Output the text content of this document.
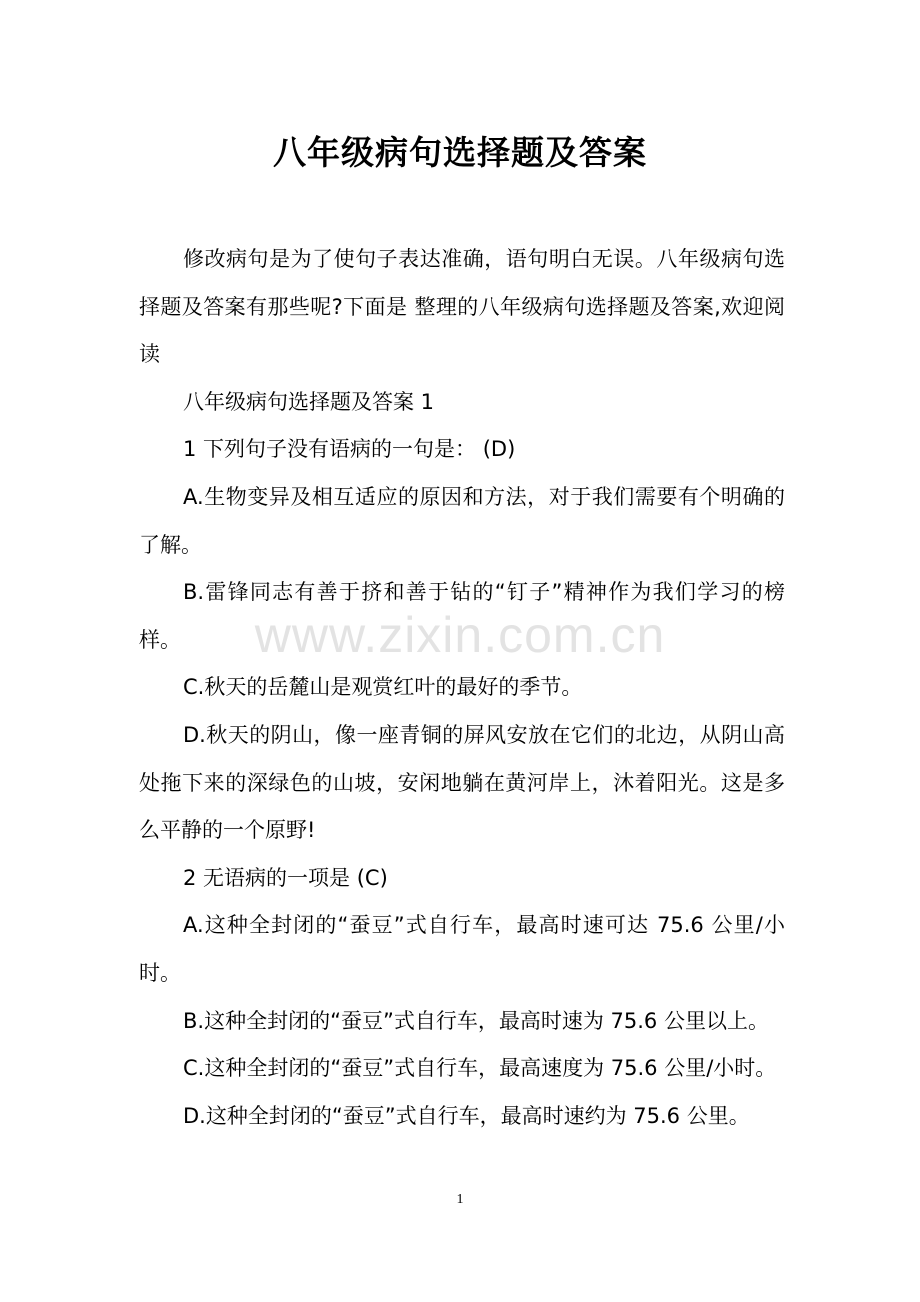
八年级病句选择题及答案

修改病句是为了使句子表达准确，语句明白无误。八年级病句选择题及答案有那些呢?下面是 整理的八年级病句选择题及答案,欢迎阅读

八年级病句选择题及答案 1

1 下列句子没有语病的一句是： (D)

A.生物变异及相互适应的原因和方法，对于我们需要有个明确的了解。

B.雷锋同志有善于挤和善于钻的“钉子”精神作为我们学习的榜样。

C.秋天的岳麓山是观赏红叶的最好的季节。

D.秋天的阴山，像一座青铜的屏风安放在它们的北边，从阴山高处拖下来的深绿色的山坡，安闲地躺在黄河岸上，沐着阳光。这是多么平静的一个原野!

2 无语病的一项是 (C)

A.这种全封闭的“蚕豆”式自行车，最高时速可达 75.6 公里/小时。

B.这种全封闭的“蚕豆”式自行车，最高时速为 75.6 公里以上。

C.这种全封闭的“蚕豆”式自行车，最高速度为 75.6 公里/小时。

D.这种全封闭的“蚕豆”式自行车，最高时速约为 75.6 公里。

www.zixin.com.cn
1
